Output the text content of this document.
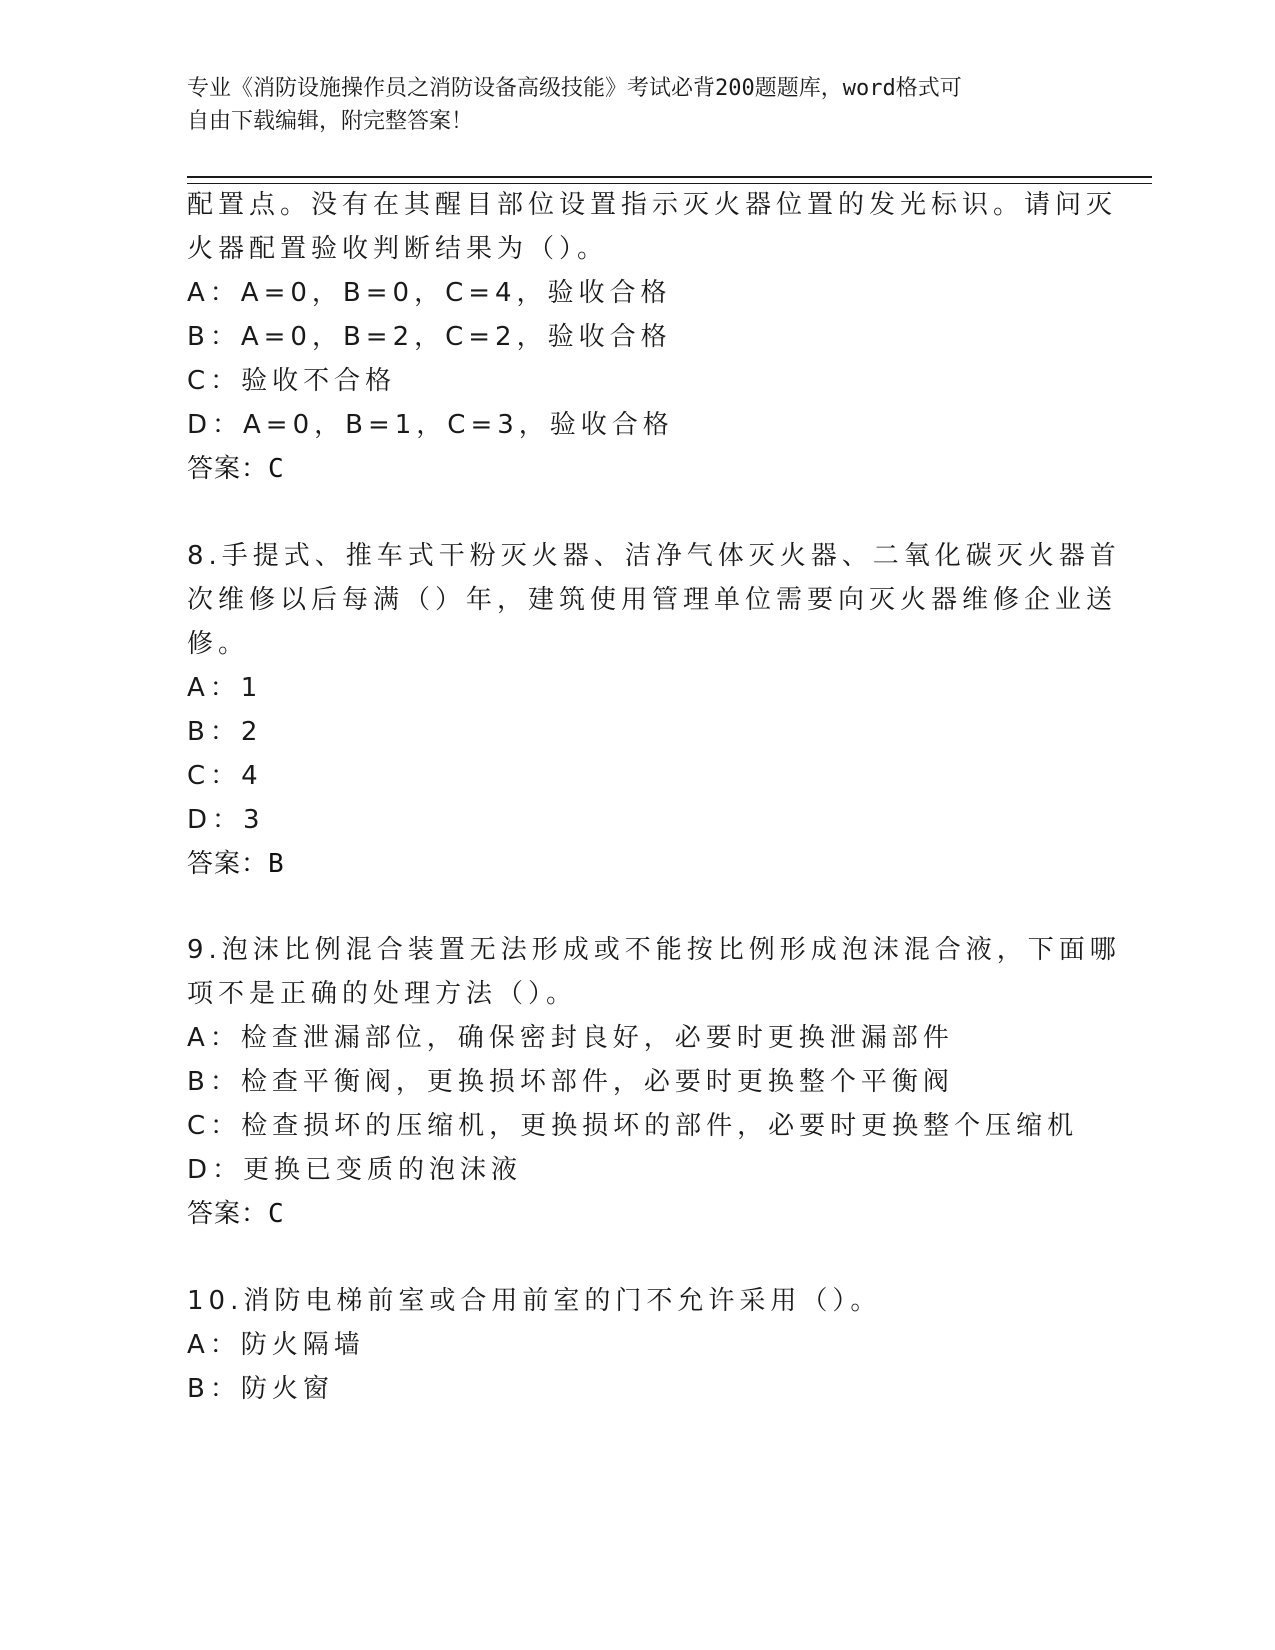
专业《消防设施操作员之消防设备高级技能》考试必背200题题库，word格式可
自由下载编辑，附完整答案！
配置点。没有在其醒目部位设置指示灭火器位置的发光标识。请问灭
火器配置验收判断结果为（）。
A：A=0，B=0，C=4，验收合格
B：A=0，B=2，C=2，验收合格
C：验收不合格
D：A=0，B=1，C=3，验收合格
答案：C
8.手提式、推车式干粉灭火器、洁净气体灭火器、二氧化碳灭火器首
次维修以后每满（）年，建筑使用管理单位需要向灭火器维修企业送
修。
A：1
B：2
C：4
D：3
答案：B
9.泡沫比例混合装置无法形成或不能按比例形成泡沫混合液，下面哪
项不是正确的处理方法（）。
A：检查泄漏部位，确保密封良好，必要时更换泄漏部件
B：检查平衡阀，更换损坏部件，必要时更换整个平衡阀
C：检查损坏的压缩机，更换损坏的部件，必要时更换整个压缩机
D：更换已变质的泡沫液
答案：C
10.消防电梯前室或合用前室的门不允许采用（）。
A：防火隔墙
B：防火窗
